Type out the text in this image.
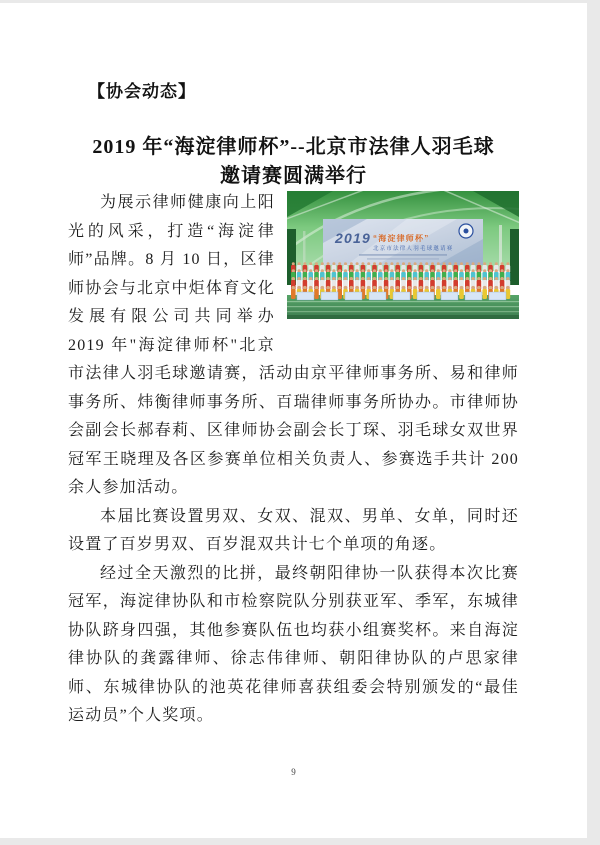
【协会动态】
2019 年“海淀律师杯”--北京市法律人羽毛球
邀请赛圆满举行
2019 “海淀律师杯”
北京市法律人羽毛球邀请赛

为展示律师健康向上阳光的风采，打造“海淀律师”品牌。8 月 10 日，区律师协会与北京中炬体育文化发展有限公司共同举办 2019 年"海淀律师杯"北京市法律人羽毛球邀请赛，活动由京平律师事务所、易和律师事务所、炜衡律师事务所、百瑞律师事务所协办。市律师协会副会长郝春莉、区律师协会副会长丁琛、羽毛球女双世界冠军王晓理及各区参赛单位相关负责人、参赛选手共计 200 余人参加活动。

本届比赛设置男双、女双、混双、男单、女单，同时还设置了百岁男双、百岁混双共计七个单项的角逐。

经过全天激烈的比拼，最终朝阳律协一队获得本次比赛冠军，海淀律协队和市检察院队分别获亚军、季军，东城律协队跻身四强，其他参赛队伍也均获小组赛奖杯。来自海淀律协队的龚露律师、徐志伟律师、朝阳律协队的卢思家律师、东城律协队的池英花律师喜获组委会特别颁发的“最佳运动员”个人奖项。

9
